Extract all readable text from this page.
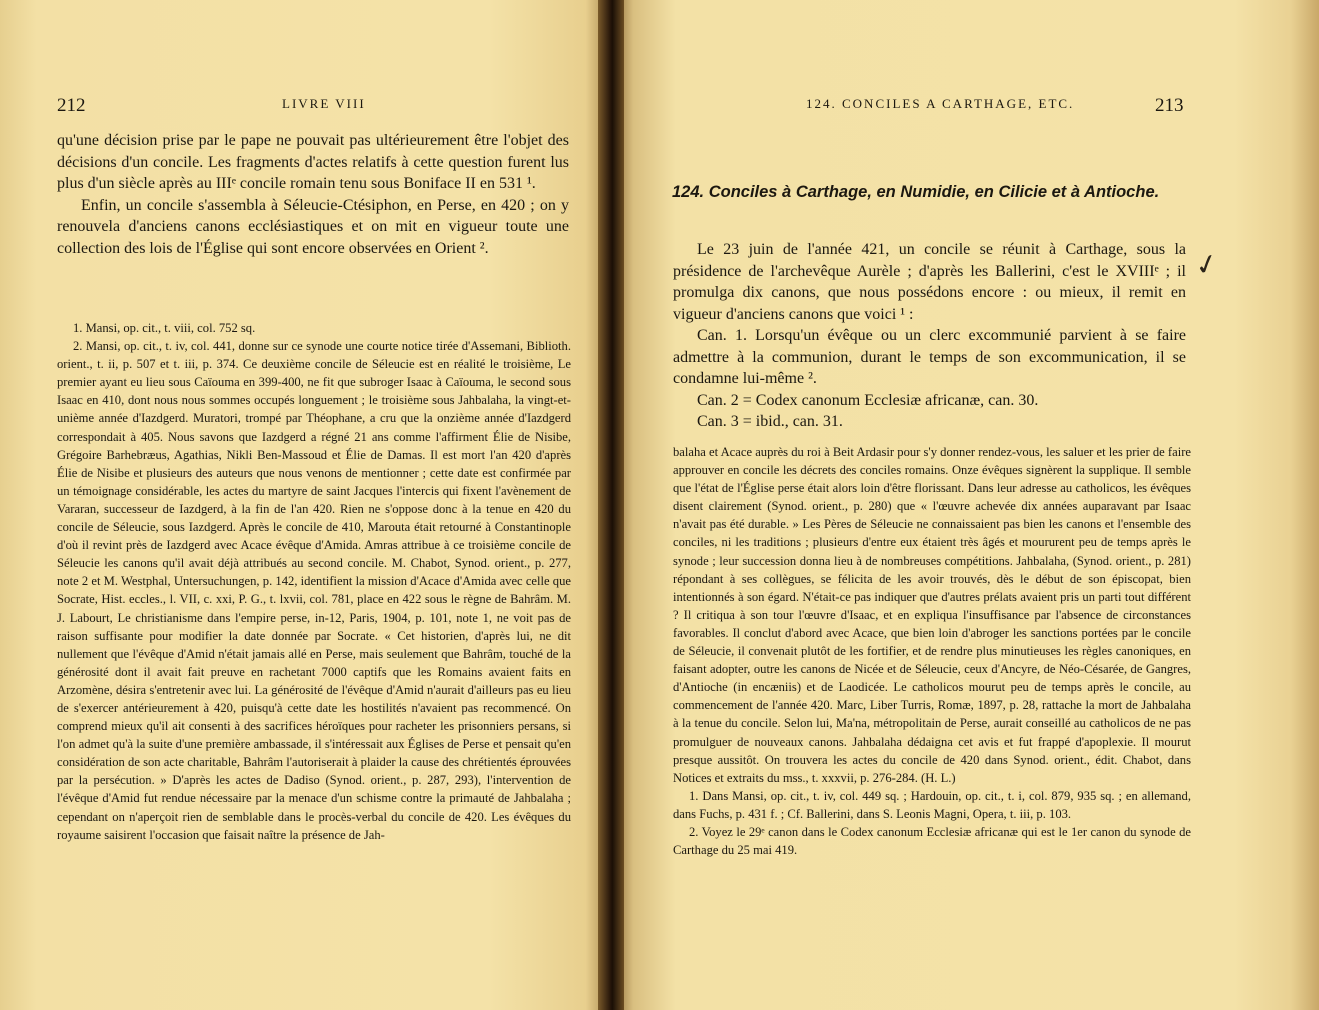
212	LIVRE VIII

qu'une décision prise par le pape ne pouvait pas ultérieurement être l'objet des décisions d'un concile. Les fragments d'actes relatifs à cette question furent lus plus d'un siècle après au IIIᵉ concile romain tenu sous Boniface II en 531 ¹.

Enfin, un concile s'assembla à Séleucie-Ctésiphon, en Perse, en 420 ; on y renouvela d'anciens canons ecclésiastiques et on mit en vigueur toute une collection des lois de l'Église qui sont encore observées en Orient ².

1. Mansi, op. cit., t. viii, col. 752 sq.

2. Mansi, op. cit., t. iv, col. 441, donne sur ce synode une courte notice tirée d'Assemani, Biblioth. orient., t. ii, p. 507 et t. iii, p. 374. Ce deuxième concile de Séleucie est en réalité le troisième, Le premier ayant eu lieu sous Caïouma en 399-400, ne fit que subroger Isaac à Caïouma, le second sous Isaac en 410, dont nous nous sommes occupés longuement ; le troisième sous Jahbalaha, la vingt-et-unième année d'Iazdgerd. Muratori, trompé par Théophane, a cru que la onzième année d'Iazdgerd correspondait à 405. Nous savons que Iazdgerd a régné 21 ans comme l'affirment Élie de Nisibe, Grégoire Barhebræus, Agathias, Nikli Ben-Massoud et Élie de Damas. Il est mort l'an 420 d'après Élie de Nisibe et plusieurs des auteurs que nous venons de mentionner ; cette date est confirmée par un témoignage considérable, les actes du martyre de saint Jacques l'intercis qui fixent l'avènement de Vararan, successeur de Iazdgerd, à la fin de l'an 420. Rien ne s'oppose donc à la tenue en 420 du concile de Séleucie, sous Iazdgerd. Après le concile de 410, Marouta était retourné à Constantinople d'où il revint près de Iazdgerd avec Acace évêque d'Amida. Amras attribue à ce troisième concile de Séleucie les canons qu'il avait déjà attribués au second concile. M. Chabot, Synod. orient., p. 277, note 2 et M. Westphal, Untersuchungen, p. 142, identifient la mission d'Acace d'Amida avec celle que Socrate, Hist. eccles., l. VII, c. xxi, P. G., t. lxvii, col. 781, place en 422 sous le règne de Bahrâm. M. J. Labourt, Le christianisme dans l'empire perse, in-12, Paris, 1904, p. 101, note 1, ne voit pas de raison suffisante pour modifier la date donnée par Socrate. « Cet historien, d'après lui, ne dit nullement que l'évêque d'Amid n'était jamais allé en Perse, mais seulement que Bahrâm, touché de la générosité dont il avait fait preuve en rachetant 7000 captifs que les Romains avaient faits en Arzomène, désira s'entretenir avec lui. La générosité de l'évêque d'Amid n'aurait d'ailleurs pas eu lieu de s'exercer antérieurement à 420, puisqu'à cette date les hostilités n'avaient pas recommencé. On comprend mieux qu'il ait consenti à des sacrifices héroïques pour racheter les prisonniers persans, si l'on admet qu'à la suite d'une première ambassade, il s'intéressait aux Églises de Perse et pensait qu'en considération de son acte charitable, Bahrâm l'autoriserait à plaider la cause des chrétientés éprouvées par la persécution. » D'après les actes de Dadiso (Synod. orient., p. 287, 293), l'intervention de l'évêque d'Amid fut rendue nécessaire par la menace d'un schisme contre la primauté de Jahbalaha ; cependant on n'aperçoit rien de semblable dans le procès-verbal du concile de 420. Les évêques du royaume saisirent l'occasion que faisait naître la présence de Jah-

124. CONCILES A CARTHAGE, ETC.	213
124. Conciles à Carthage, en Numidie, en Cilicie et à Antioche.

Le 23 juin de l'année 421, un concile se réunit à Carthage, sous la présidence de l'archevêque Aurèle ; d'après les Ballerini, c'est le XVIIIᵉ ; il promulga dix canons, que nous possédons encore : ou mieux, il remit en vigueur d'anciens canons que voici ¹ :

Can. 1. Lorsqu'un évêque ou un clerc excommunié parvient à se faire admettre à la communion, durant le temps de son excommunication, il se condamne lui-même ².

Can. 2 = Codex canonum Ecclesiæ africanæ, can. 30.

Can. 3 = ibid., can. 31.

balaha et Acace auprès du roi à Beit Ardasir pour s'y donner rendez-vous, les saluer et les prier de faire approuver en concile les décrets des conciles romains. Onze évêques signèrent la supplique. Il semble que l'état de l'Église perse était alors loin d'être florissant. Dans leur adresse au catholicos, les évêques disent clairement (Synod. orient., p. 280) que « l'œuvre achevée dix années auparavant par Isaac n'avait pas été durable. » Les Pères de Séleucie ne connaissaient pas bien les canons et l'ensemble des conciles, ni les traditions ; plusieurs d'entre eux étaient très âgés et moururent peu de temps après le synode ; leur succession donna lieu à de nombreuses compétitions. Jahbalaha, (Synod. orient., p. 281) répondant à ses collègues, se félicita de les avoir trouvés, dès le début de son épiscopat, bien intentionnés à son égard. N'était-ce pas indiquer que d'autres prélats avaient pris un parti tout différent ? Il critiqua à son tour l'œuvre d'Isaac, et en expliqua l'insuffisance par l'absence de circonstances favorables. Il conclut d'abord avec Acace, que bien loin d'abroger les sanctions portées par le concile de Séleucie, il convenait plutôt de les fortifier, et de rendre plus minutieuses les règles canoniques, en faisant adopter, outre les canons de Nicée et de Séleucie, ceux d'Ancyre, de Néo-Césarée, de Gangres, d'Antioche (in encæniis) et de Laodicée. Le catholicos mourut peu de temps après le concile, au commencement de l'année 420. Marc, Liber Turris, Romæ, 1897, p. 28, rattache la mort de Jahbalaha à la tenue du concile. Selon lui, Ma'na, métropolitain de Perse, aurait conseillé au catholicos de ne pas promulguer de nouveaux canons. Jahbalaha dédaigna cet avis et fut frappé d'apoplexie. Il mourut presque aussitôt. On trouvera les actes du concile de 420 dans Synod. orient., édit. Chabot, dans Notices et extraits du mss., t. xxxvii, p. 276-284. (H. L.)

1. Dans Mansi, op. cit., t. iv, col. 449 sq. ; Hardouin, op. cit., t. i, col. 879, 935 sq. ; en allemand, dans Fuchs, p. 431 f. ; Cf. Ballerini, dans S. Leonis Magni, Opera, t. iii, p. 103.

2. Voyez le 29ᵉ canon dans le Codex canonum Ecclesiæ africanæ qui est le 1er canon du synode de Carthage du 25 mai 419.

✓
